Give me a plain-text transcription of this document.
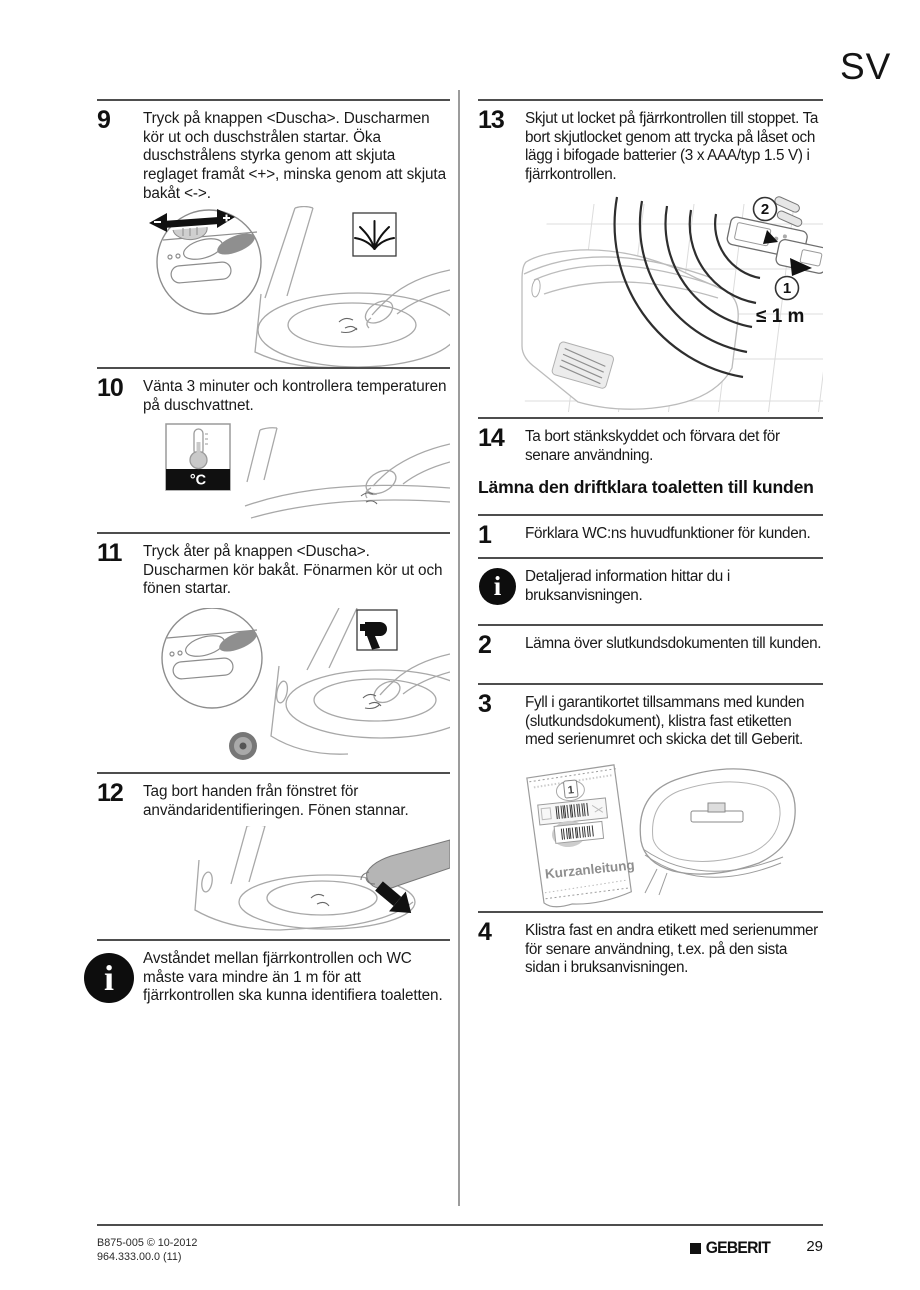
SV
9 Tryck på knappen <Duscha>. Duscharmen kör ut och duschstrålen startar. Öka duschstrålens styrka genom att skjuta reglaget framåt <+>, minska genom att skjuta bakåt <->.

10 Vänta 3 minuter och kontrollera temperaturen på duschvattnet.

°C
11 Tryck åter på knappen <Duscha>. Duscharmen kör bakåt. Fönarmen kör ut och fönen startar.

12 Tag bort handen från fönstret för användaridentifieringen. Fönen stannar.

i	Avståndet mellan fjärrkontrollen och WC måste vara mindre än 1 m för att fjärrkontrollen ska kunna identifiera toaletten.

13 Skjut ut locket på fjärrkontrollen till stoppet. Ta bort skjutlocket genom att trycka på låset och lägg i bifogade batterier (3 x AAA/typ 1.5 V) i fjärrkontrollen.

2
1
≤ 1 m
14 Ta bort stänkskyddet och förvara det för senare användning.

Lämna den driftklara toaletten till kunden
1 Förklara WC:ns huvudfunktioner för kunden.

i	Detaljerad information hittar du i bruksanvisningen.

2 Lämna över slutkundsdokumenten till kunden.

3 Fyll i garantikortet tillsammans med kunden (slutkundsdokument), klistra fast etiketten med serienumret och skicka det till Geberit.

1
Kurzanleitung
4 Klistra fast en andra etikett med serienummer för senare användning, t.ex. på den sista sidan i bruksanvisningen.

B875-005 © 10-2012
964.333.00.0 (11)	GEBERIT	29
